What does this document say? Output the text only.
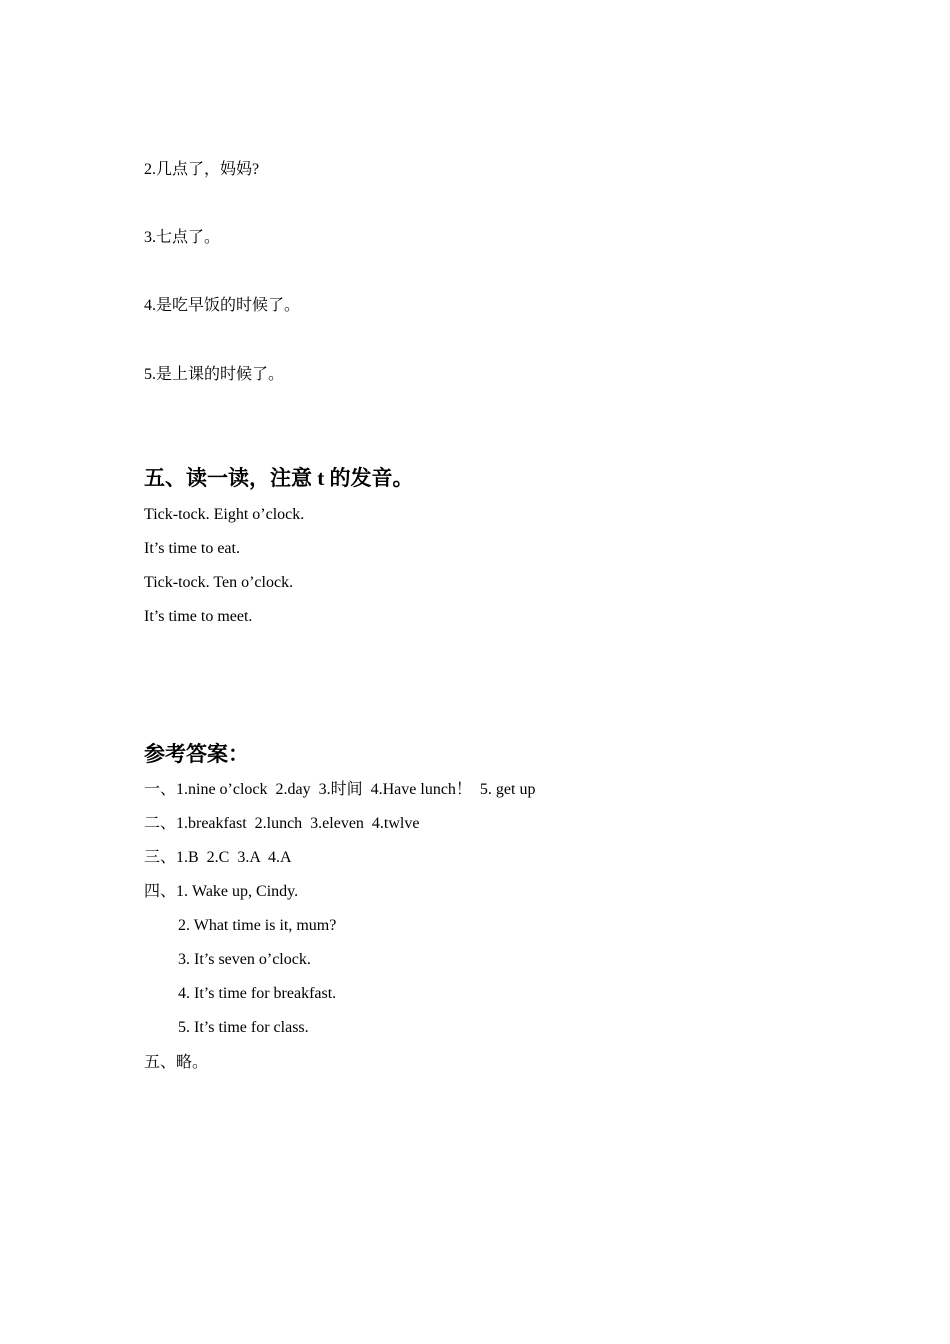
2.几点了，妈妈?
3.七点了。
4.是吃早饭的时候了。
5.是上课的时候了。
五、读一读，注意 t 的发音。
Tick-tock. Eight o’clock.
It’s time to eat.
Tick-tock. Ten o’clock.
It’s time to meet.
参考答案：
一、1.nine o’clock  2.day  3.时间  4.Have lunch！  5. get up
二、1.breakfast  2.lunch  3.eleven  4.twlve
三、1.B  2.C  3.A  4.A
四、1. Wake up, Cindy.
2. What time is it, mum?
3. It’s seven o’clock.
4. It’s time for breakfast.
5. It’s time for class.
五、略。
